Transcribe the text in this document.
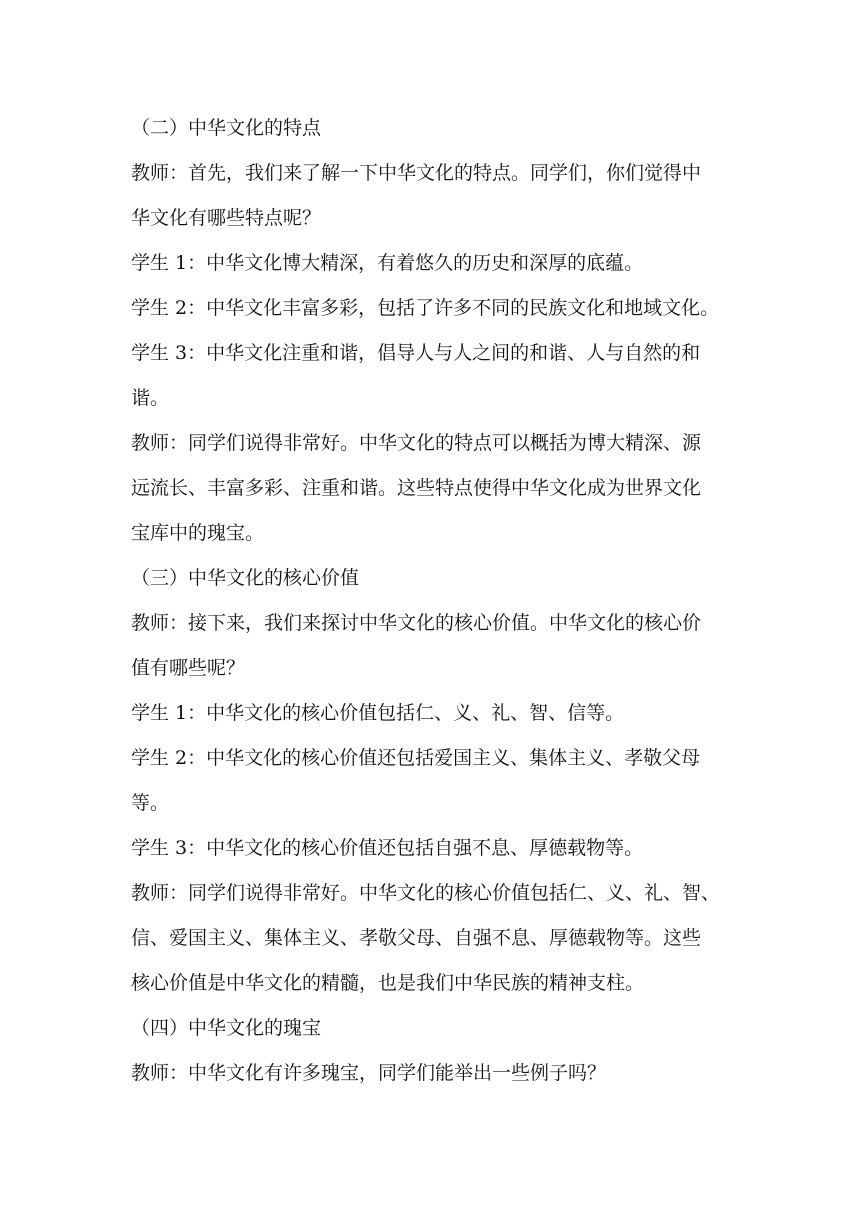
（二）中华文化的特点

教师：首先，我们来了解一下中华文化的特点。同学们，你们觉得中

华文化有哪些特点呢？

学生 1：中华文化博大精深，有着悠久的历史和深厚的底蕴。

学生 2：中华文化丰富多彩，包括了许多不同的民族文化和地域文化。

学生 3：中华文化注重和谐，倡导人与人之间的和谐、人与自然的和

谐。

教师：同学们说得非常好。中华文化的特点可以概括为博大精深、源

远流长、丰富多彩、注重和谐。这些特点使得中华文化成为世界文化

宝库中的瑰宝。

（三）中华文化的核心价值

教师：接下来，我们来探讨中华文化的核心价值。中华文化的核心价

值有哪些呢？

学生 1：中华文化的核心价值包括仁、义、礼、智、信等。

学生 2：中华文化的核心价值还包括爱国主义、集体主义、孝敬父母

等。

学生 3：中华文化的核心价值还包括自强不息、厚德载物等。

教师：同学们说得非常好。中华文化的核心价值包括仁、义、礼、智、

信、爱国主义、集体主义、孝敬父母、自强不息、厚德载物等。这些

核心价值是中华文化的精髓，也是我们中华民族的精神支柱。

（四）中华文化的瑰宝

教师：中华文化有许多瑰宝，同学们能举出一些例子吗？
